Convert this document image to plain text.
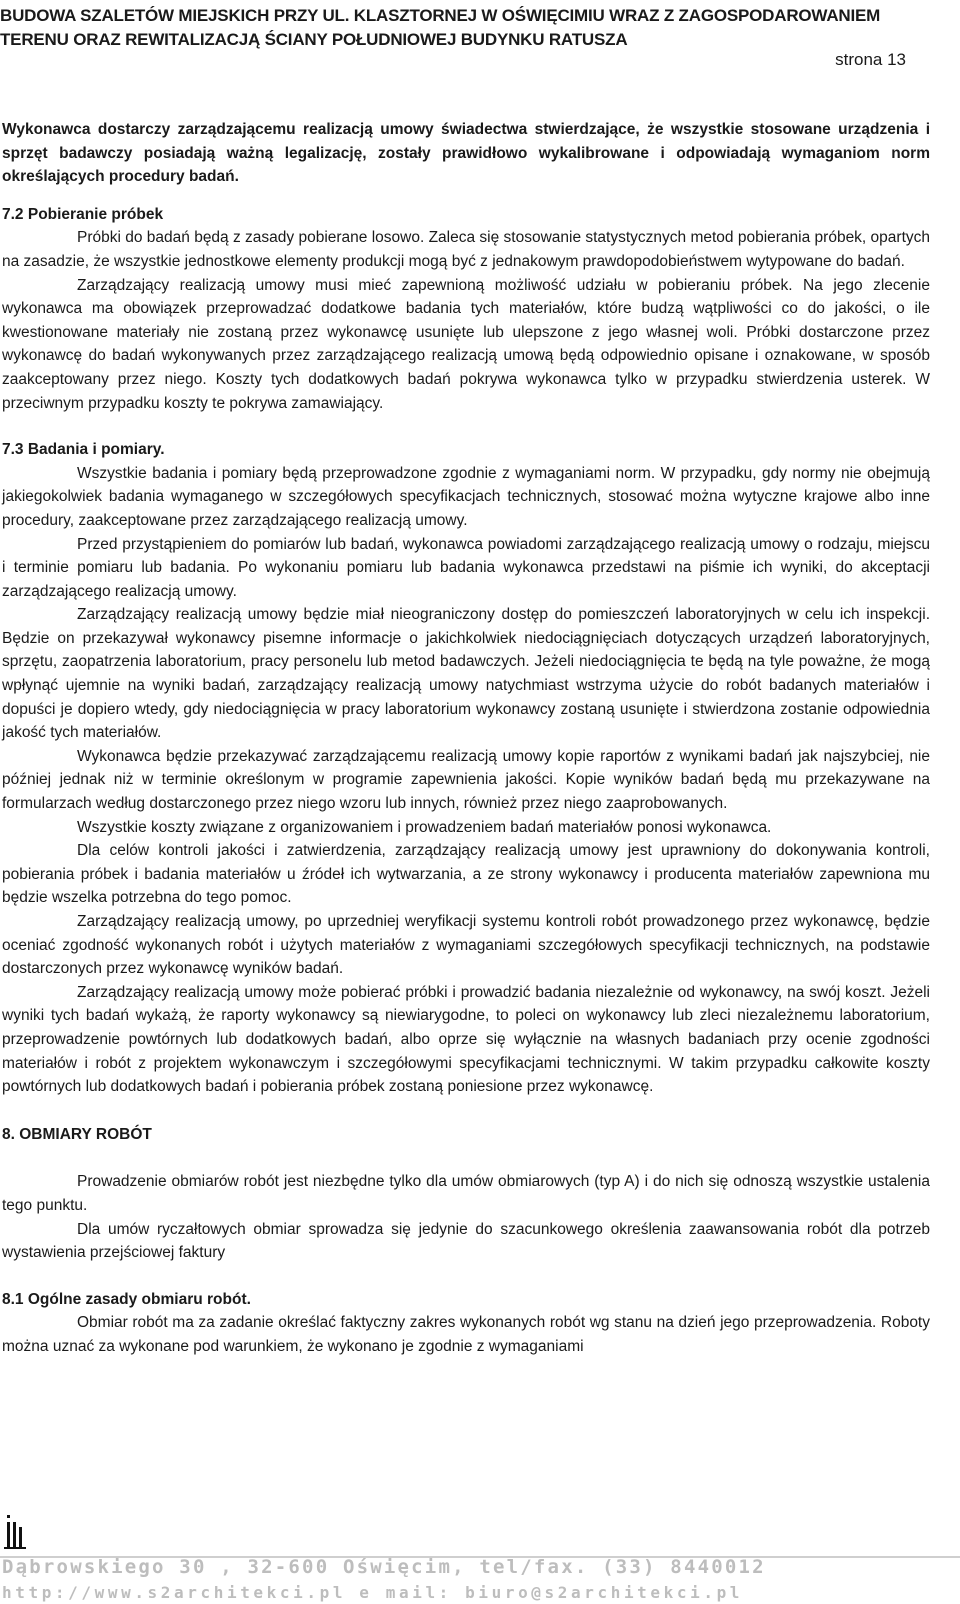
BUDOWA SZALETÓW MIEJSKICH PRZY UL. KLASZTORNEJ W OŚWIĘCIMIU WRAZ Z ZAGOSPODAROWANIEM
TERENU ORAZ REWITALIZACJĄ ŚCIANY POŁUDNIOWEJ BUDYNKU RATUSZA
strona 13

Wykonawca dostarczy zarządzającemu realizacją umowy świadectwa stwierdzające, że wszystkie stosowane urządzenia i sprzęt badawczy posiadają ważną legalizację, zostały prawidłowo wykalibrowane i odpowiadają wymaganiom norm określających procedury badań.

7.2 Pobieranie próbek

Próbki do badań będą z zasady pobierane losowo. Zaleca się stosowanie statystycznych metod pobierania próbek, opartych na zasadzie, że wszystkie jednostkowe elementy produkcji mogą być z jednakowym prawdopodobieństwem wytypowane do badań.

Zarządzający realizacją umowy musi mieć zapewnioną możliwość udziału w pobieraniu próbek. Na jego zlecenie wykonawca ma obowiązek przeprowadzać dodatkowe badania tych materiałów, które budzą wątpliwości co do jakości, o ile kwestionowane materiały nie zostaną przez wykonawcę usunięte lub ulepszone z jego własnej woli. Próbki dostarczone przez wykonawcę do badań wykonywanych przez zarządzającego realizacją umową będą odpowiednio opisane i oznakowane, w sposób zaakceptowany przez niego. Koszty tych dodatkowych badań pokrywa wykonawca tylko w przypadku stwierdzenia usterek. W przeciwnym przypadku koszty te pokrywa zamawiający.

7.3 Badania i pomiary.

Wszystkie badania i pomiary będą przeprowadzone zgodnie z wymaganiami norm. W przypadku, gdy normy nie obejmują jakiegokolwiek badania wymaganego w szczegółowych specyfikacjach technicznych, stosować można wytyczne krajowe albo inne procedury, zaakceptowane przez zarządzającego realizacją umowy.

Przed przystąpieniem do pomiarów lub badań, wykonawca powiadomi zarządzającego realizacją umowy o rodzaju, miejscu i terminie pomiaru lub badania. Po wykonaniu pomiaru lub badania wykonawca przedstawi na piśmie ich wyniki, do akceptacji zarządzającego realizacją umowy.

Zarządzający realizacją umowy będzie miał nieograniczony dostęp do pomieszczeń laboratoryjnych w celu ich inspekcji. Będzie on przekazywał wykonawcy pisemne informacje o jakichkolwiek niedociągnięciach dotyczących urządzeń laboratoryjnych, sprzętu, zaopatrzenia laboratorium, pracy personelu lub metod badawczych. Jeżeli niedociągnięcia te będą na tyle poważne, że mogą wpłynąć ujemnie na wyniki badań, zarządzający realizacją umowy natychmiast wstrzyma użycie do robót badanych materiałów i dopuści je dopiero wtedy, gdy niedociągnięcia w pracy laboratorium wykonawcy zostaną usunięte i stwierdzona zostanie odpowiednia jakość tych materiałów.

Wykonawca będzie przekazywać zarządzającemu realizacją umowy kopie raportów z wynikami badań jak najszybciej, nie później jednak niż w terminie określonym w programie zapewnienia jakości. Kopie wyników badań będą mu przekazywane na formularzach według dostarczonego przez niego wzoru lub innych, również przez niego zaaprobowanych.

Wszystkie koszty związane z organizowaniem i prowadzeniem badań materiałów ponosi wykonawca.

Dla celów kontroli jakości i zatwierdzenia, zarządzający realizacją umowy jest uprawniony do dokonywania kontroli, pobierania próbek i badania materiałów u źródeł ich wytwarzania, a ze strony wykonawcy i producenta materiałów zapewniona mu będzie wszelka potrzebna do tego pomoc.

Zarządzający realizacją umowy, po uprzedniej weryfikacji systemu kontroli robót prowadzonego przez wykonawcę, będzie oceniać zgodność wykonanych robót i użytych materiałów z wymaganiami szczegółowych specyfikacji technicznych, na podstawie dostarczonych przez wykonawcę wyników badań.

Zarządzający realizacją umowy może pobierać próbki i prowadzić badania niezależnie od wykonawcy, na swój koszt. Jeżeli wyniki tych badań wykażą, że raporty wykonawcy są niewiarygodne, to poleci on wykonawcy lub zleci niezależnemu laboratorium, przeprowadzenie powtórnych lub dodatkowych badań, albo oprze się wyłącznie na własnych badaniach przy ocenie zgodności materiałów i robót z projektem wykonawczym i szczegółowymi specyfikacjami technicznymi. W takim przypadku całkowite koszty powtórnych lub dodatkowych badań i pobierania próbek zostaną poniesione przez wykonawcę.

8. OBMIARY ROBÓT

Prowadzenie obmiarów robót jest niezbędne tylko dla umów obmiarowych (typ A) i do nich się odnoszą wszystkie ustalenia tego punktu.

Dla umów ryczałtowych obmiar sprowadza się jedynie do szacunkowego określenia zaawansowania robót dla potrzeb wystawienia przejściowej faktury

8.1 Ogólne zasady obmiaru robót.

Obmiar robót ma za zadanie określać faktyczny zakres wykonanych robót wg stanu na dzień jego przeprowadzenia. Roboty można uznać za wykonane pod warunkiem, że wykonano je zgodnie z wymaganiami

Dąbrowskiego 30 , 32-600 Oświęcim, tel/fax. (33) 8440012
http://www.s2architekci.pl e mail: biuro@s2architekci.pl
